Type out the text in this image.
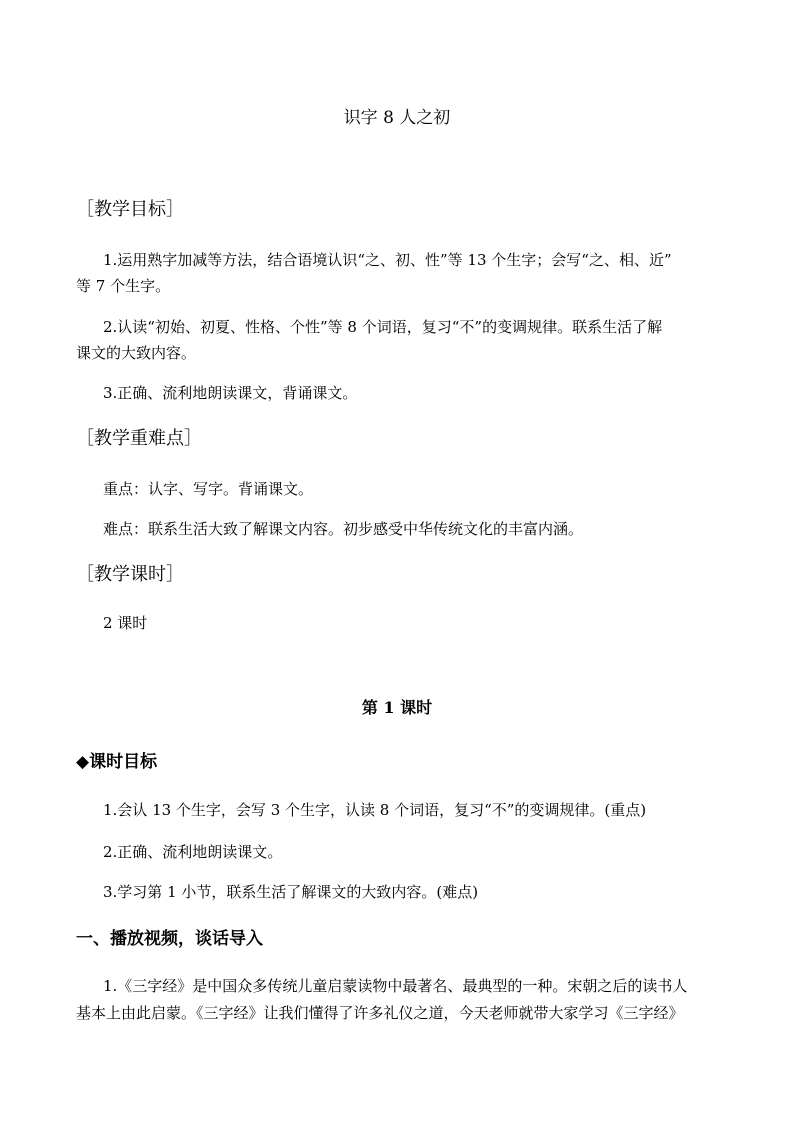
识字 8 人之初
［教学目标］
1.运用熟字加减等方法，结合语境认识“之、初、性”等 13 个生字；会写“之、相、近”
等 7 个生字。
2.认读“初始、初夏、性格、个性”等 8 个词语，复习“不”的变调规律。联系生活了解
课文的大致内容。
3.正确、流利地朗读课文，背诵课文。
［教学重难点］
重点：认字、写字。背诵课文。
难点：联系生活大致了解课文内容。初步感受中华传统文化的丰富内涵。
［教学课时］
2 课时
第 1 课时
◆课时目标
1.会认 13 个生字，会写 3 个生字，认读 8 个词语，复习“不”的变调规律。(重点)
2.正确、流利地朗读课文。
3.学习第 1 小节，联系生活了解课文的大致内容。(难点)
一、播放视频，谈话导入
1.《三字经》是中国众多传统儿童启蒙读物中最著名、最典型的一种。宋朝之后的读书人
基本上由此启蒙。《三字经》让我们懂得了许多礼仪之道，今天老师就带大家学习《三字经》
